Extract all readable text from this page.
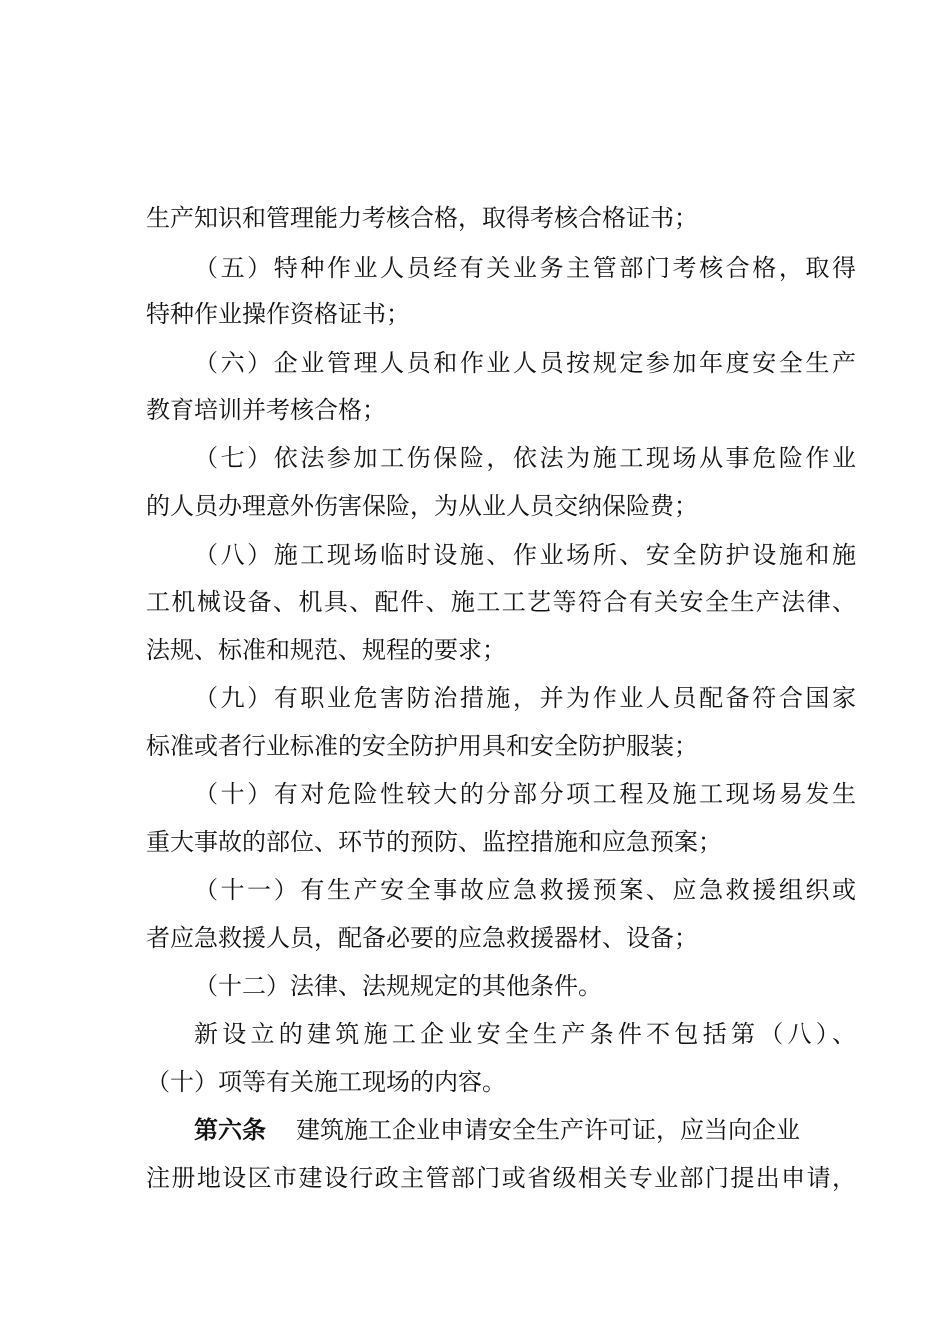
生产知识和管理能力考核合格，取得考核合格证书；
（五）特种作业人员经有关业务主管部门考核合格，取得
特种作业操作资格证书；
（六）企业管理人员和作业人员按规定参加年度安全生产
教育培训并考核合格；
（七）依法参加工伤保险，依法为施工现场从事危险作业
的人员办理意外伤害保险，为从业人员交纳保险费；
（八）施工现场临时设施、作业场所、安全防护设施和施
工机械设备、机具、配件、施工工艺等符合有关安全生产法律、
法规、标准和规范、规程的要求；
（九）有职业危害防治措施，并为作业人员配备符合国家
标准或者行业标准的安全防护用具和安全防护服装；
（十）有对危险性较大的分部分项工程及施工现场易发生
重大事故的部位、环节的预防、监控措施和应急预案；
（十一）有生产安全事故应急救援预案、应急救援组织或
者应急救援人员，配备必要的应急救援器材、设备；
（十二）法律、法规规定的其他条件。
新设立的建筑施工企业安全生产条件不包括第（八）、
（十）项等有关施工现场的内容。
第六条 建筑施工企业申请安全生产许可证，应当向企业
注册地设区市建设行政主管部门或省级相关专业部门提出申请，
